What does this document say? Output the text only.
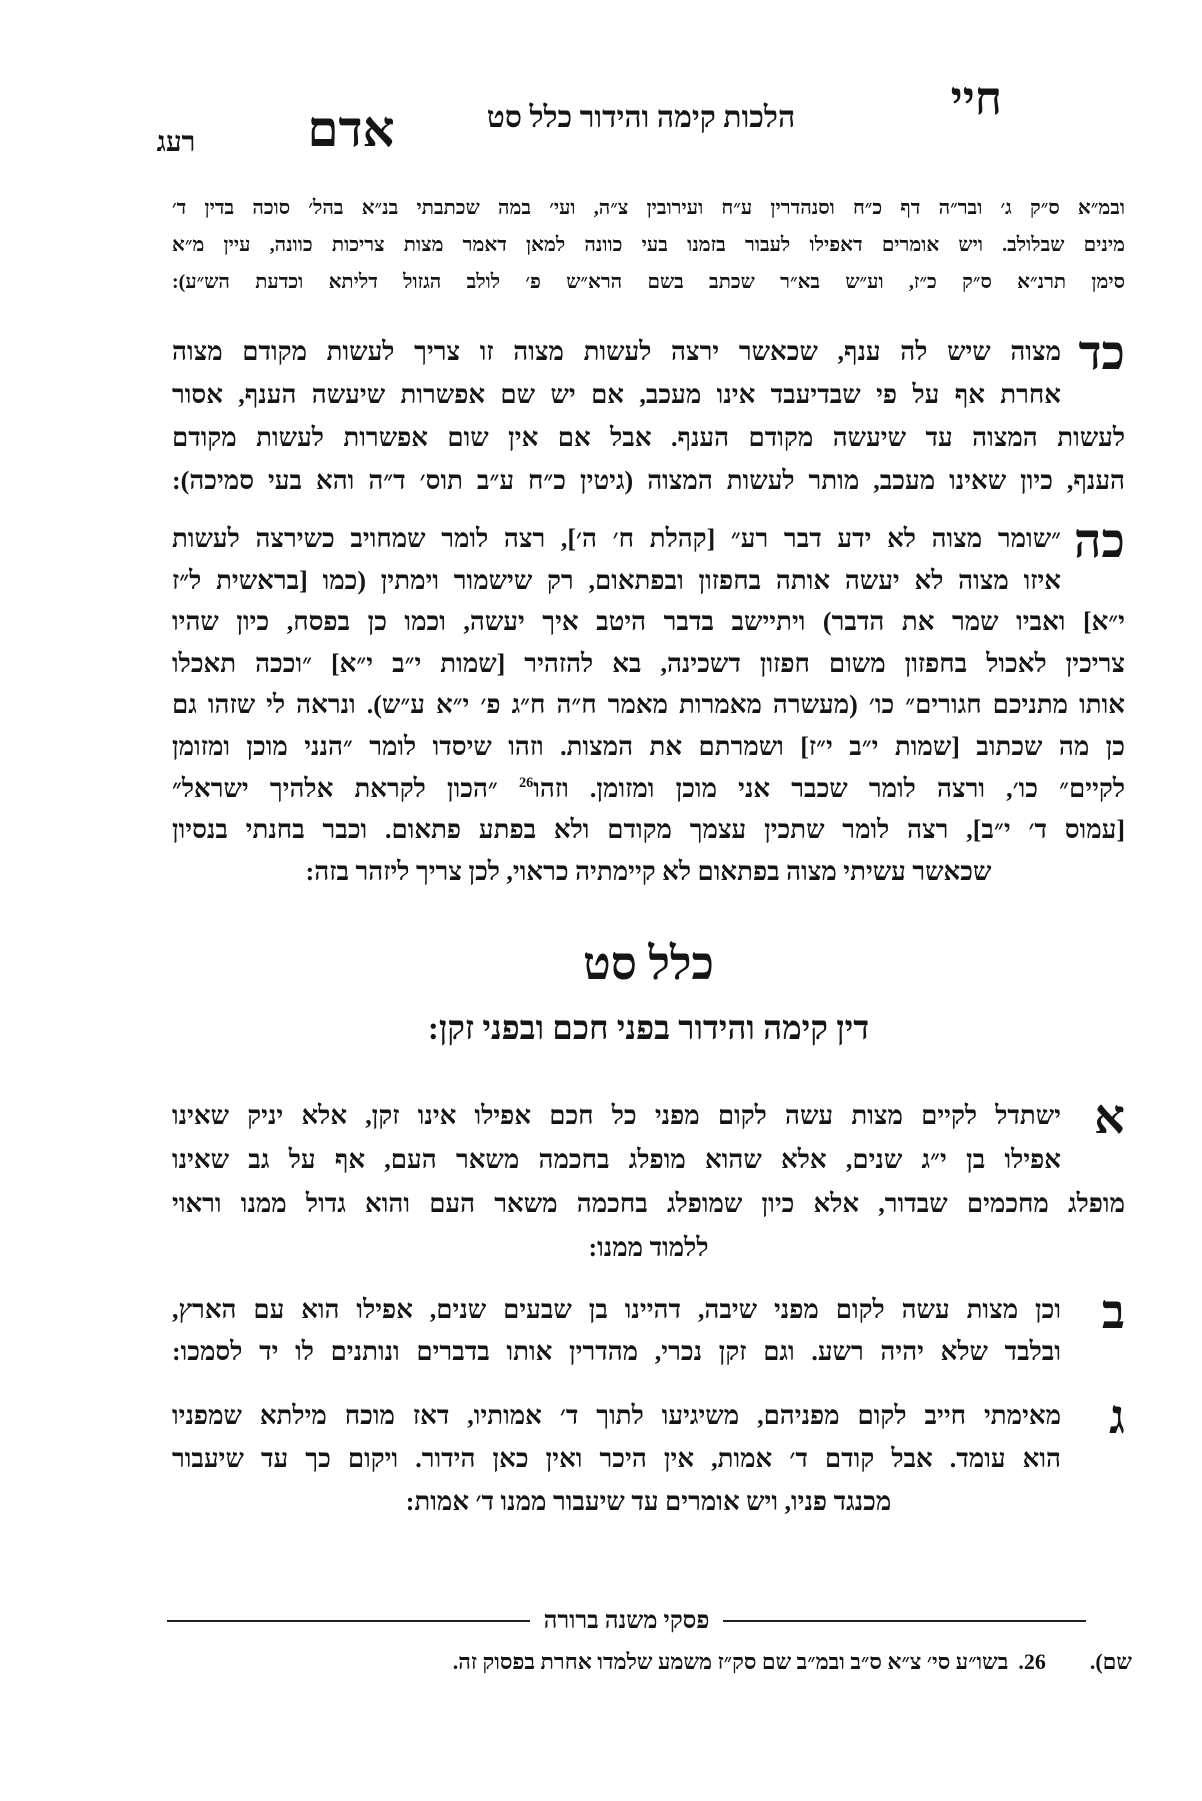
חיי
הלכות קימה והידור כלל סט
אדם
רעג
ובמ״א ס״ק ג׳ ובר״ה דף כ״ח וסנהדרין ע״ח ועירובין צ״ה, ועי׳ במה שכתבתי בנ״א בהל׳ סוכה בדין ד׳
מינים שבלולב. ויש אומרים דאפילו לעבור בזמנו בעי כוונה למאן דאמר מצות צריכות כוונה, עיין מ״א
סימן תרנ״א ס״ק כ״ז, וע״ש בא״ר שכתב בשם הרא״ש פ׳ לולב הגזול דליתא וכדעת הש״ע):
כד
מצוה שיש לה ענף, שכאשר ירצה לעשות מצוה זו צריך לעשות מקודם מצוה
אחרת אף על פי שבדיעבד אינו מעכב, אם יש שם אפשרות שיעשה הענף, אסור
לעשות המצוה עד שיעשה מקודם הענף. אבל אם אין שום אפשרות לעשות מקודם
הענף, כיון שאינו מעכב, מותר לעשות המצוה (גיטין כ״ח ע״ב תוס׳ ד״ה והא בעי סמיכה):
כה
״שומר מצוה לא ידע דבר רע״ [קהלת ח׳ ה׳], רצה לומר שמחויב כשירצה לעשות
איזו מצוה לא יעשה אותה בחפזון ובפתאום, רק שישמור וימתין (כמו [בראשית ל״ז
י״א] ואביו שמר את הדבר) ויתיישב בדבר היטב איך יעשה, וכמו כן בפסח, כיון שהיו
צריכין לאכול בחפזון משום חפזון דשכינה, בא להזהיר [שמות י״ב י״א] ״וככה תאכלו
אותו מתניכם חגורים״ כו׳ (מעשרה מאמרות מאמר ח״ה ח״ג פ׳ י״א ע״ש). ונראה לי שזהו גם
כן מה שכתוב [שמות י״ב י״ז] ושמרתם את המצות. וזהו שיסדו לומר ״הנני מוכן ומזומן
לקיים״ כו׳, ורצה לומר שכבר אני מוכן ומזומן. וזהו$^{26}$ ״הכון לקראת אלהיך ישראל״
[עמוס ד׳ י״ב], רצה לומר שתכין עצמך מקודם ולא בפתע פתאום. וכבר בחנתי בנסיון
שכאשר עשיתי מצוה בפתאום לא קיימתיה כראוי, לכן צריך ליזהר בזה:
כלל סט
דין קימה והידור בפני חכם ובפני זקן:
א
ישתדל לקיים מצות עשה לקום מפני כל חכם אפילו אינו זקן, אלא יניק שאינו
אפילו בן י״ג שנים, אלא שהוא מופלג בחכמה משאר העם, אף על גב שאינו
מופלג מחכמים שבדור, אלא כיון שמופלג בחכמה משאר העם והוא גדול ממנו וראוי
ללמוד ממנו:
ב
וכן מצות עשה לקום מפני שיבה, דהיינו בן שבעים שנים, אפילו הוא עם הארץ,
ובלבד שלא יהיה רשע. וגם זקן נכרי, מהדרין אותו בדברים ונותנים לו יד לסמכו:
ג
מאימתי חייב לקום מפניהם, משיגיעו לתוך ד׳ אמותיו, דאז מוכח מילתא שמפניו
הוא עומד. אבל קודם ד׳ אמות, אין היכר ואין כאן הידור. ויקום כך עד שיעבור
מכנגד פניו, ויש אומרים עד שיעבור ממנו ד׳ אמות:
פסקי משנה ברורה
שם).
26.בשו״ע סי׳ צ״א ס״ב ובמ״ב שם סק״ז משמע שלמדו אחרת בפסוק זה.
